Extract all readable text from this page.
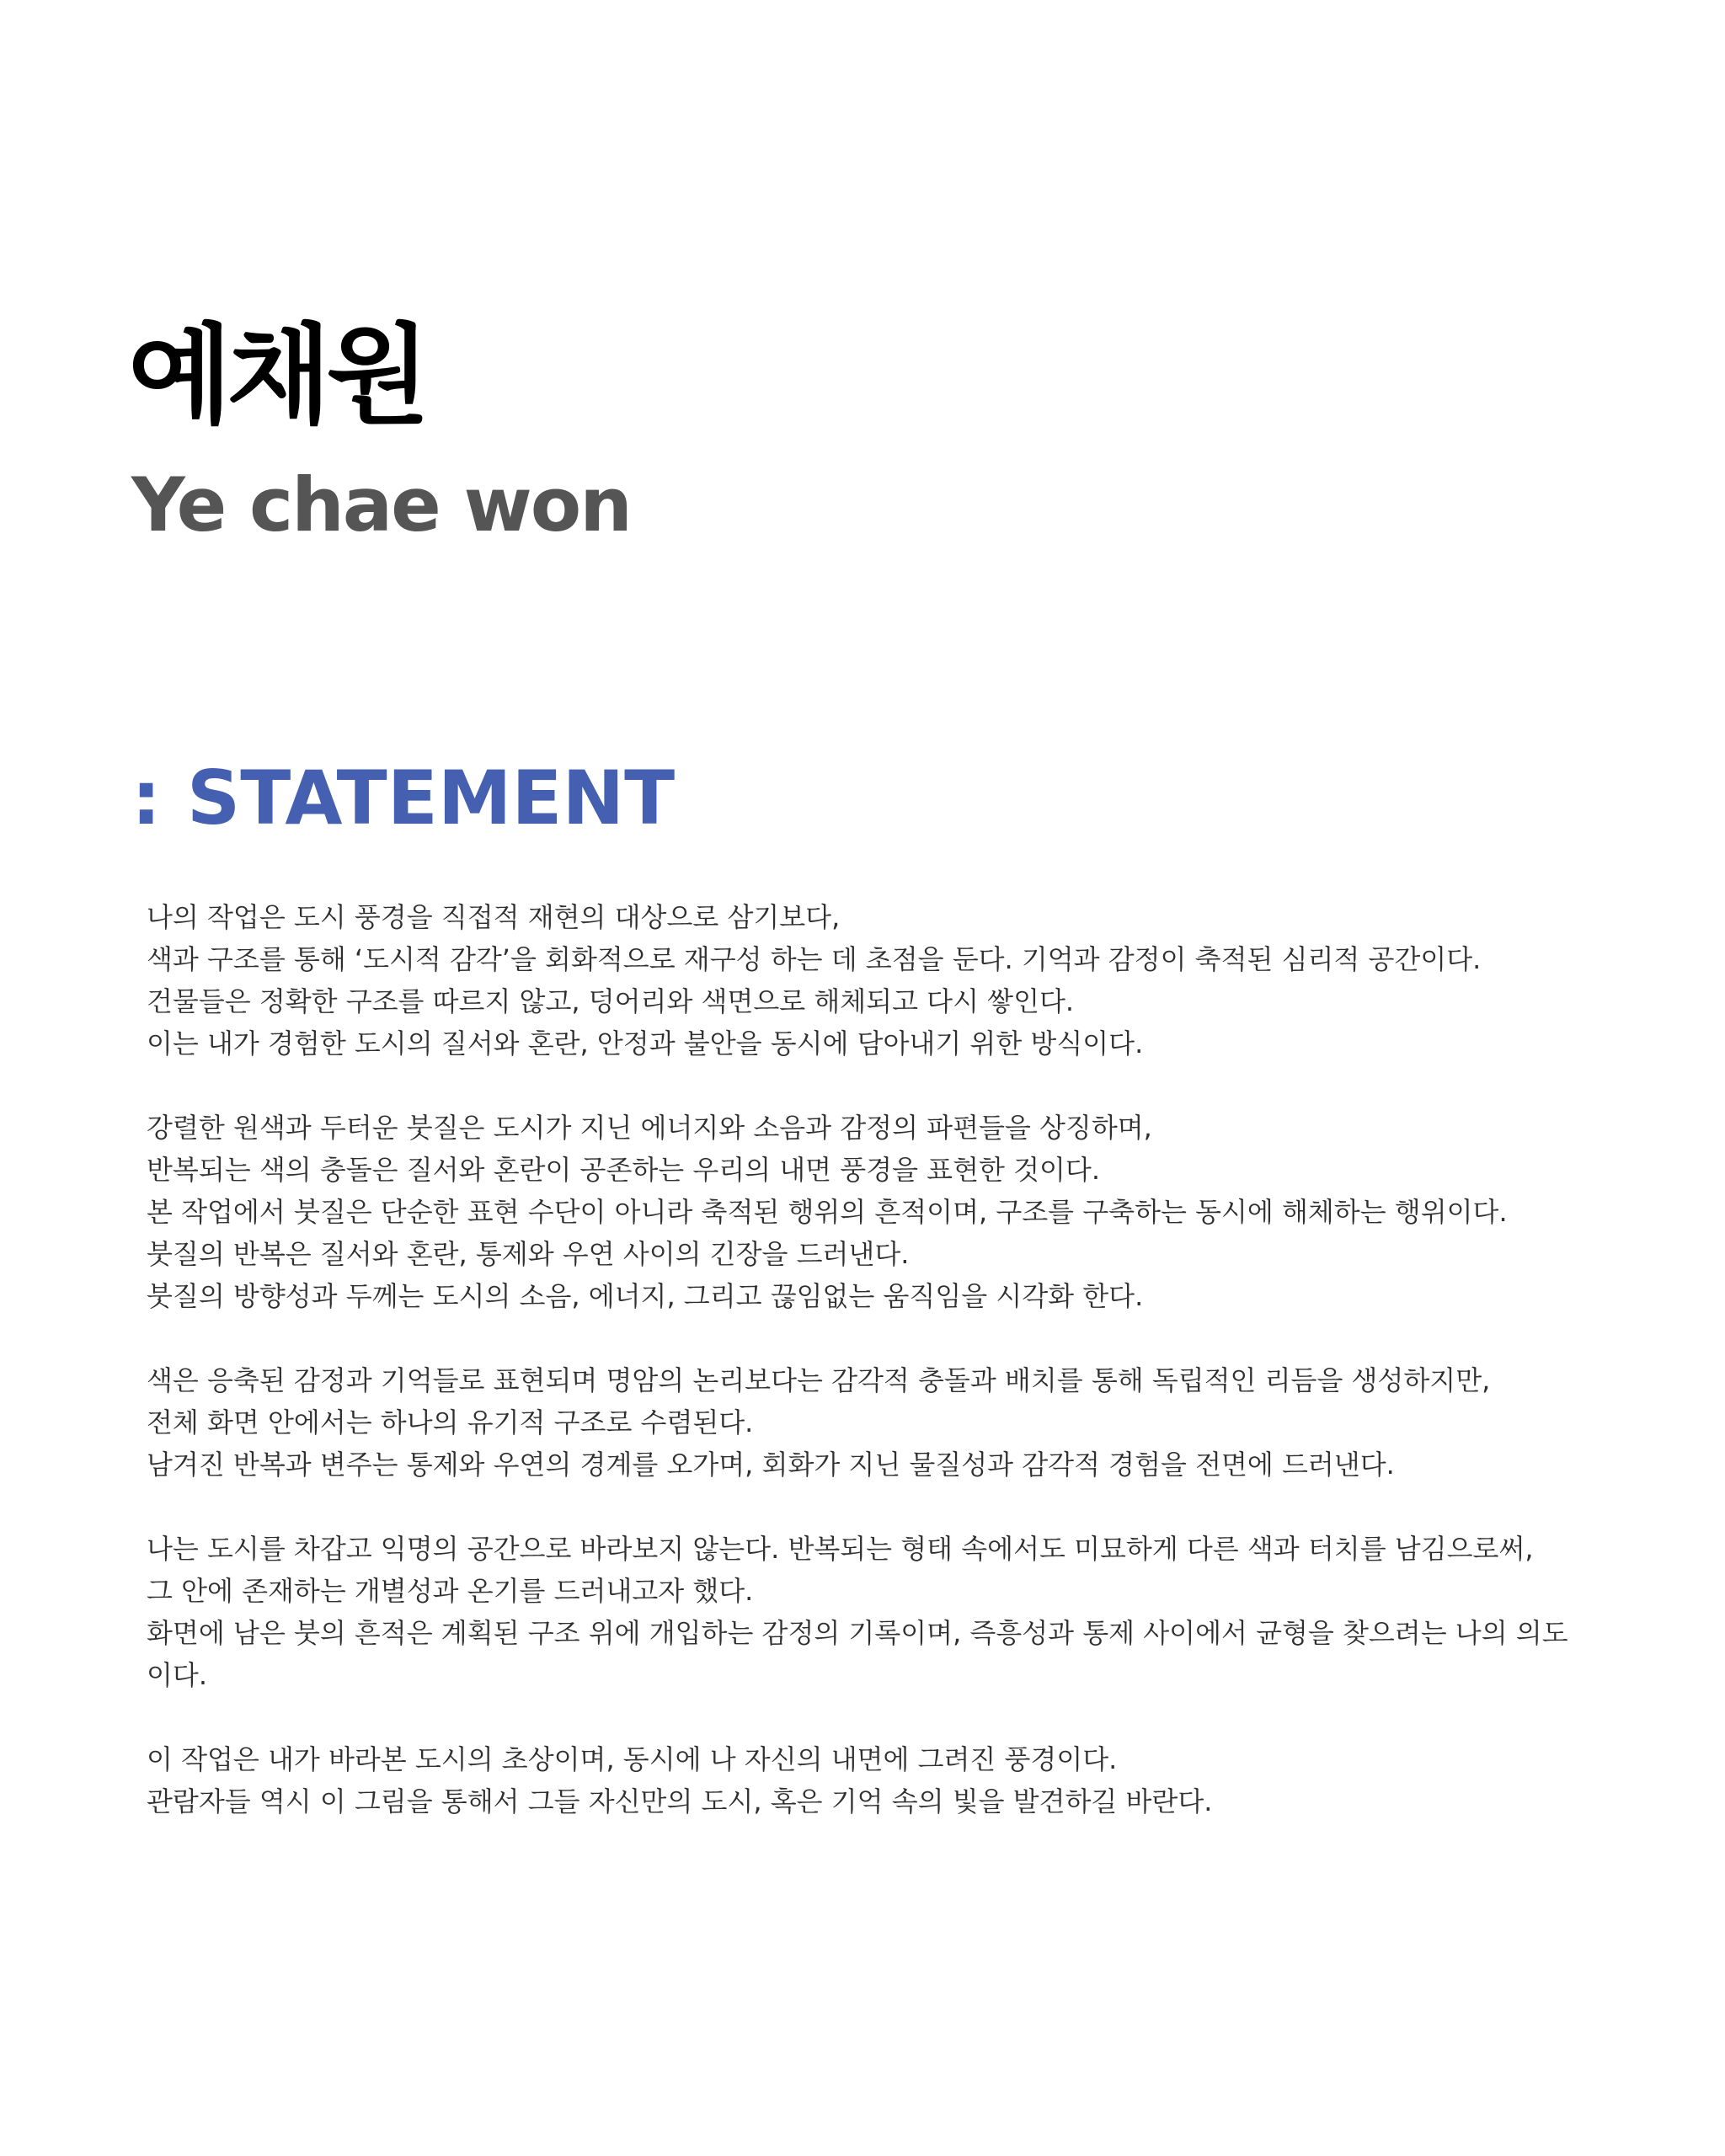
예채원
Ye chae won
: STATEMENT

나의 작업은 도시 풍경을 직접적 재현의 대상으로 삼기보다,
색과 구조를 통해 ‘도시적 감각’을 회화적으로 재구성 하는 데 초점을 둔다. 기억과 감정이 축적된 심리적 공간이다.
건물들은 정확한 구조를 따르지 않고, 덩어리와 색면으로 해체되고 다시 쌓인다.
이는 내가 경험한 도시의 질서와 혼란, 안정과 불안을 동시에 담아내기 위한 방식이다.

강렬한 원색과 두터운 붓질은 도시가 지닌 에너지와 소음과 감정의 파편들을 상징하며,
반복되는 색의 충돌은 질서와 혼란이 공존하는 우리의 내면 풍경을 표현한 것이다.
본 작업에서 붓질은 단순한 표현 수단이 아니라 축적된 행위의 흔적이며, 구조를 구축하는 동시에 해체하는 행위이다.
붓질의 반복은 질서와 혼란, 통제와 우연 사이의 긴장을 드러낸다.
붓질의 방향성과 두께는 도시의 소음, 에너지, 그리고 끊임없는 움직임을 시각화 한다.

색은 응축된 감정과 기억들로 표현되며 명암의 논리보다는 감각적 충돌과 배치를 통해 독립적인 리듬을 생성하지만,
전체 화면 안에서는 하나의 유기적 구조로 수렴된다.
남겨진 반복과 변주는 통제와 우연의 경계를 오가며, 회화가 지닌 물질성과 감각적 경험을 전면에 드러낸다.

나는 도시를 차갑고 익명의 공간으로 바라보지 않는다. 반복되는 형태 속에서도 미묘하게 다른 색과 터치를 남김으로써,
그 안에 존재하는 개별성과 온기를 드러내고자 했다.
화면에 남은 붓의 흔적은 계획된 구조 위에 개입하는 감정의 기록이며, 즉흥성과 통제 사이에서 균형을 찾으려는 나의 의도
이다.

이 작업은 내가 바라본 도시의 초상이며, 동시에 나 자신의 내면에 그려진 풍경이다.
관람자들 역시 이 그림을 통해서 그들 자신만의 도시, 혹은 기억 속의 빛을 발견하길 바란다.
